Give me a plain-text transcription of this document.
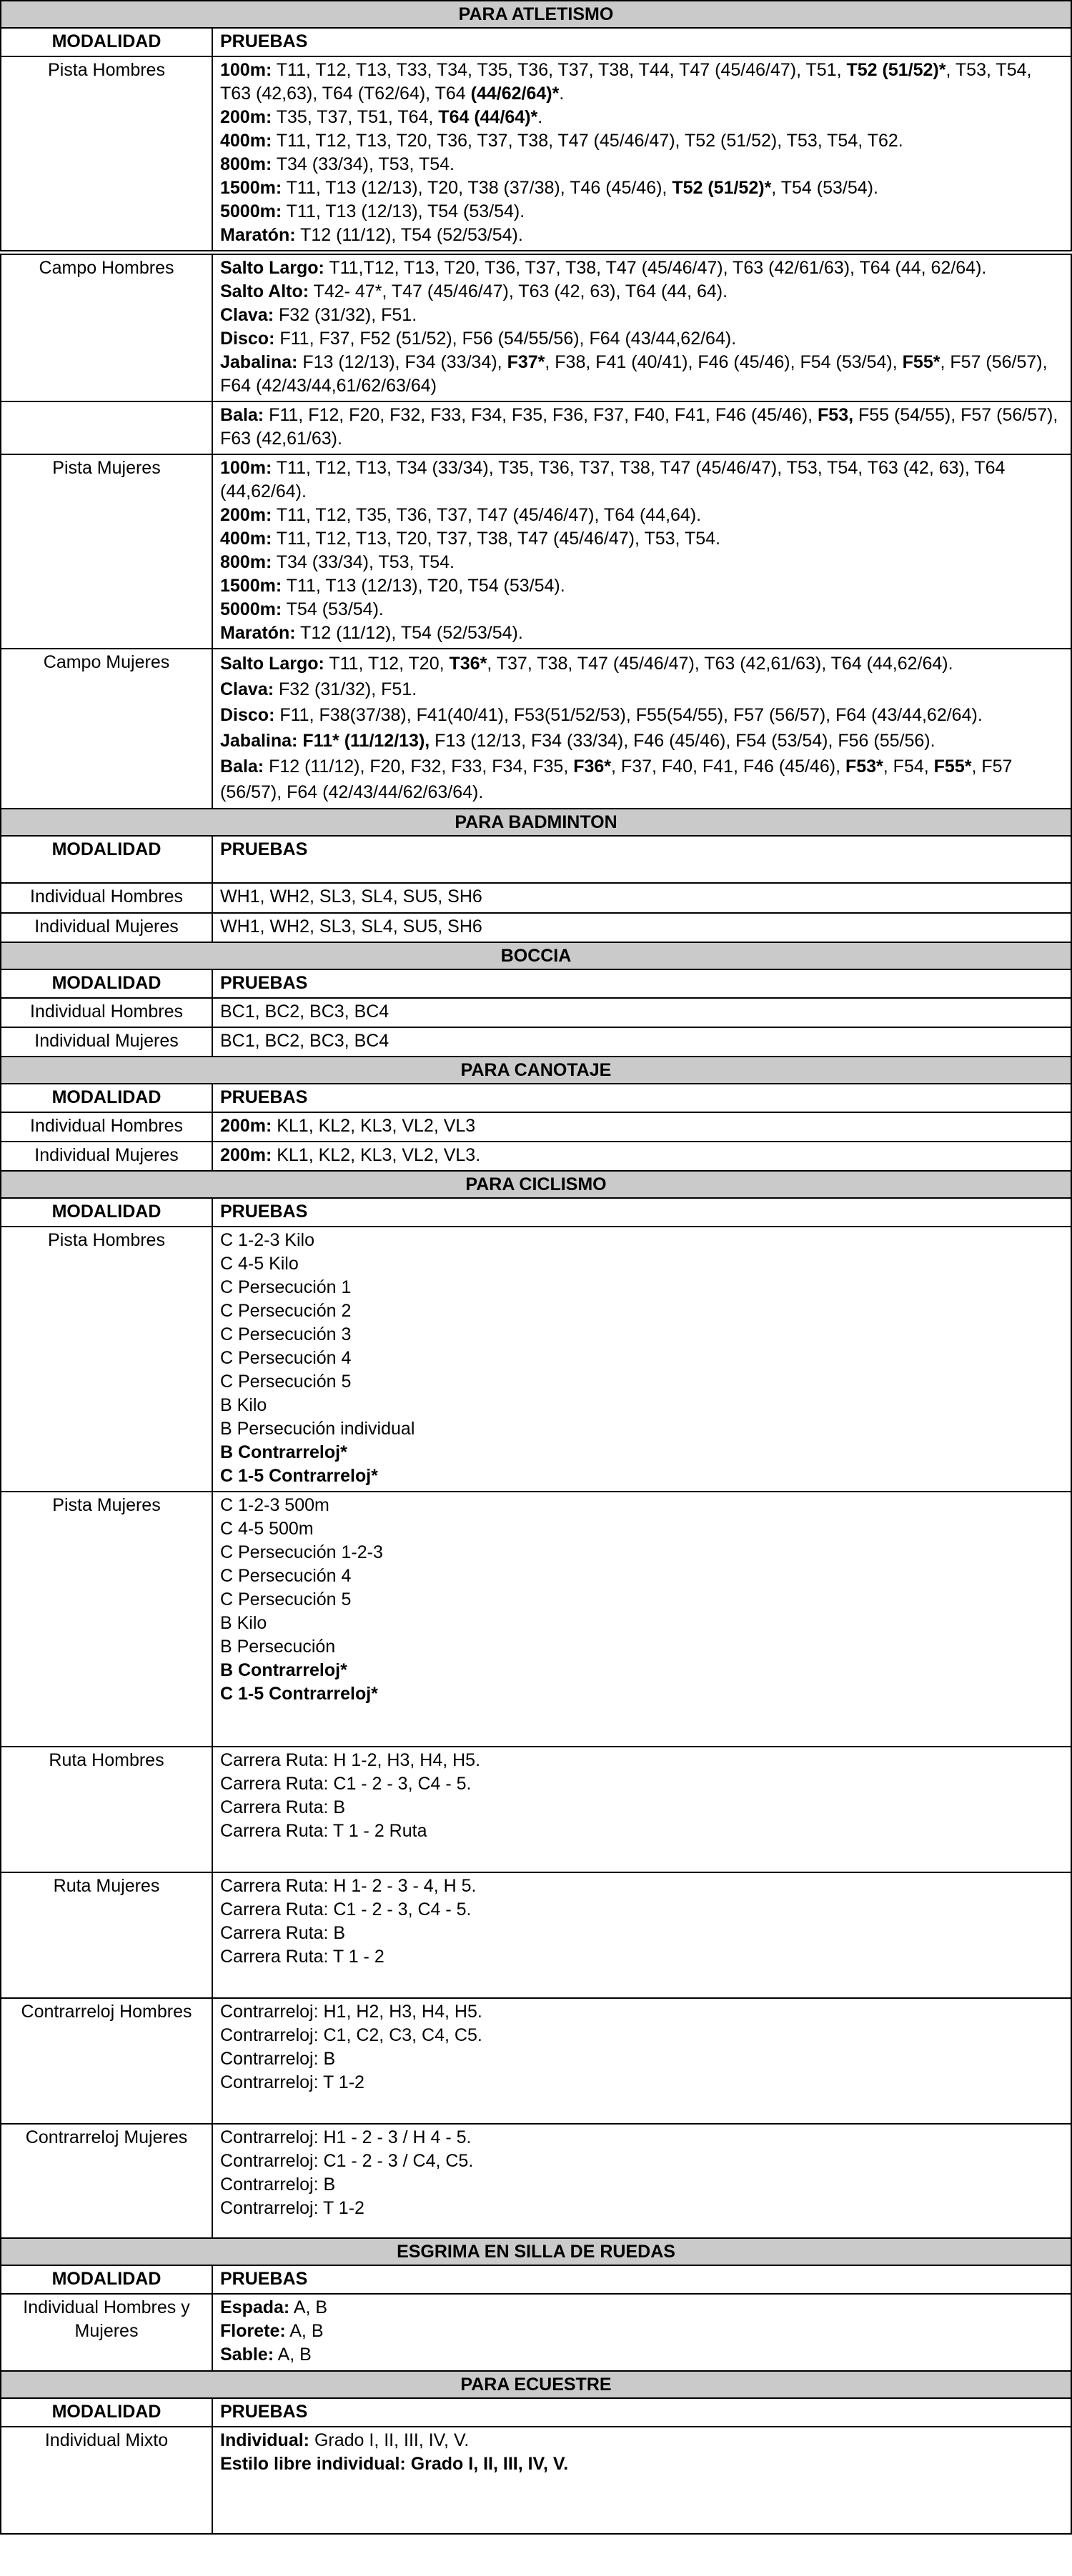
PARA ATLETISMO	
MODALIDAD	PRUEBAS
Pista Hombres	100m: T11, T12, T13, T33, T34, T35, T36, T37, T38, T44, T47 (45/46/47), T51, T52 (51/52)*, T53, T54, T63 (42,63), T64 (T62/64), T64 (44/62/64)*.
200m: T35, T37, T51, T64, T64 (44/64)*.
400m: T11, T12, T13, T20, T36, T37, T38, T47 (45/46/47), T52 (51/52), T53, T54, T62.
800m: T34 (33/34), T53, T54.
1500m: T11, T13 (12/13), T20, T38 (37/38), T46 (45/46), T52 (51/52)*, T54 (53/54).
5000m: T11, T13 (12/13), T54 (53/54).
Maratón: T12 (11/12), T54 (52/53/54).

Campo Hombres	Salto Largo: T11,T12, T13, T20, T36, T37, T38, T47 (45/46/47), T63 (42/61/63), T64 (44, 62/64).
Salto Alto: T42- 47*, T47 (45/46/47), T63 (42, 63), T64 (44, 64).
Clava: F32 (31/32), F51.
Disco: F11, F37, F52 (51/52), F56 (54/55/56), F64 (43/44,62/64).
Jabalina: F13 (12/13), F34 (33/34), F37*, F38, F41 (40/41), F46 (45/46), F54 (53/54), F55*, F57 (56/57), F64 (42/43/44,61/62/63/64)

	Bala: F11, F12, F20, F32, F33, F34, F35, F36, F37, F40, F41, F46 (45/46), F53, F55 (54/55), F57 (56/57), F63 (42,61/63).

Pista Mujeres	100m: T11, T12, T13, T34 (33/34), T35, T36, T37, T38, T47 (45/46/47), T53, T54, T63 (42, 63), T64 (44,62/64).
200m: T11, T12, T35, T36, T37, T47 (45/46/47), T64 (44,64).
400m: T11, T12, T13, T20, T37, T38, T47 (45/46/47), T53, T54.
800m: T34 (33/34), T53, T54.
1500m: T11, T13 (12/13), T20, T54 (53/54).
5000m: T54 (53/54).
Maratón: T12 (11/12), T54 (52/53/54).

Campo Mujeres	Salto Largo: T11, T12, T20, T36*, T37, T38, T47 (45/46/47), T63 (42,61/63), T64 (44,62/64).
Clava: F32 (31/32), F51.
Disco: F11, F38(37/38), F41(40/41), F53(51/52/53), F55(54/55), F57 (56/57), F64 (43/44,62/64).
Jabalina: F11* (11/12/13), F13 (12/13, F34 (33/34), F46 (45/46), F54 (53/54), F56 (55/56).
Bala: F12 (11/12), F20, F32, F33, F34, F35, F36*, F37, F40, F41, F46 (45/46), F53*, F54, F55*, F57 (56/57), F64 (42/43/44/62/63/64).

PARA BADMINTON	
MODALIDAD	PRUEBAS
Individual Hombres	WH1, WH2, SL3, SL4, SU5, SH6

Individual Mujeres	WH1, WH2, SL3, SL4, SU5, SH6

BOCCIA	
MODALIDAD	PRUEBAS
Individual Hombres	BC1, BC2, BC3, BC4

Individual Mujeres	BC1, BC2, BC3, BC4

PARA CANOTAJE	
MODALIDAD	PRUEBAS
Individual Hombres	200m: KL1, KL2, KL3, VL2, VL3

Individual Mujeres	200m: KL1, KL2, KL3, VL2, VL3.

PARA CICLISMO	
MODALIDAD	PRUEBAS
Pista Hombres	C 1-2-3 Kilo
C 4-5 Kilo
C Persecución 1
C Persecución 2
C Persecución 3
C Persecución 4
C Persecución 5
B Kilo
B Persecución individual
B Contrarreloj*
C 1-5 Contrarreloj*

Pista Mujeres	C 1-2-3 500m
C 4-5 500m
C Persecución 1-2-3
C Persecución 4
C Persecución 5
B Kilo
B Persecución
B Contrarreloj*
C 1-5 Contrarreloj*

Ruta Hombres	Carrera Ruta: H 1-2, H3, H4, H5.
Carrera Ruta: C1 - 2 - 3, C4 - 5.
Carrera Ruta: B
Carrera Ruta: T 1 - 2 Ruta

Ruta Mujeres	Carrera Ruta: H 1- 2 - 3 - 4, H 5.
Carrera Ruta: C1 - 2 - 3, C4 - 5.
Carrera Ruta: B
Carrera Ruta: T 1 - 2

Contrarreloj Hombres	Contrarreloj: H1, H2, H3, H4, H5.
Contrarreloj: C1, C2, C3, C4, C5.
Contrarreloj: B
Contrarreloj: T 1-2

Contrarreloj Mujeres	Contrarreloj: H1 - 2 - 3 / H 4 - 5.
Contrarreloj: C1 - 2 - 3 / C4, C5.
Contrarreloj: B
Contrarreloj: T 1-2

ESGRIMA EN SILLA DE RUEDAS	
MODALIDAD	PRUEBAS
Individual Hombres y Mujeres	Espada: A, B
Florete: A, B
Sable: A, B

PARA ECUESTRE	
MODALIDAD	PRUEBAS
Individual Mixto	Individual: Grado I, II, III, IV, V.
Estilo libre individual: Grado I, II, III, IV, V.
